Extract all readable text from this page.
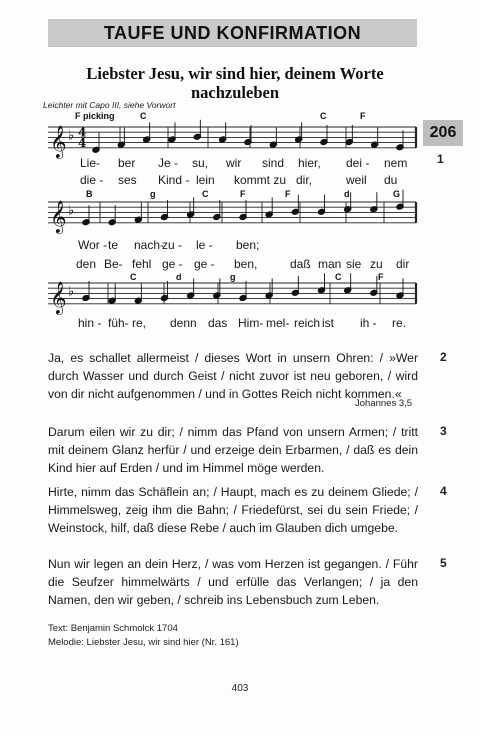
TAUFE UND KONFIRMATION
Liebster Jesu, wir sind hier, deinem Worte nachzuleben
Leichter mit Capo III, siehe Vorwort
206
1
𝄞 ♭ 4
4
𝄞 ♭
𝄞 ♭
F picking	C	C	F
B	g	C	F	F	d	G
C	d	g	C	F
Lie- ber Je - su, wir sind hier, dei - nem
die - ses Kind - lein kommt zu dir,	weil du
Wor - te nach-
zu - le - ben;
den Be- fehl ge - ge - ben,	daß man sie zu dir
hin - füh- re, denn das Him- mel- reich ist ih - re.
2
Ja, es schallet allermeist / dieses Wort in unsern Ohren: / »Wer durch Wasser und durch Geist / nicht zuvor ist neu geboren, / wird von dir nicht aufgenommen / und in Gottes Reich nicht kommen.«
Johannes 3,5
3
Darum eilen wir zu dir; / nimm das Pfand von unsern Armen; / tritt mit deinem Glanz herfür / und erzeige dein Erbarmen, / daß es dein Kind hier auf Erden / und im Himmel möge werden.
4
Hirte, nimm das Schäflein an; / Haupt, mach es zu deinem Gliede; / Himmelsweg, zeig ihm die Bahn; / Friedefürst, sei du sein Friede; / Weinstock, hilf, daß diese Rebe / auch im Glauben dich umgebe.
5
Nun wir legen an dein Herz, / was vom Herzen ist gegangen. / Führ die Seufzer himmelwärts / und erfülle das Verlangen; / ja den Namen, den wir geben, / schreib ins Lebensbuch zum Leben.
Text: Benjamin Schmolck 1704
Melodie: Liebster Jesu, wir sind hier (Nr. 161)
403
